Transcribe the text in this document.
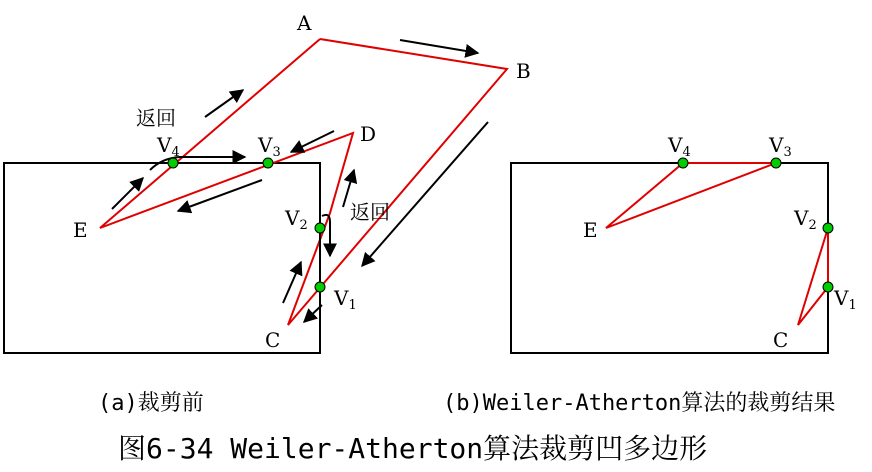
A
B
C
D
E
$V_4$	$V_3$
$V_2$
$V_1$
返回
返回
E
C
$V_4$	$V_3$
$V_2$
$V_1$
(a)裁剪前	(b)Weiler-Atherton算法的裁剪结果
图6-34 Weiler-Atherton算法裁剪凹多边形
